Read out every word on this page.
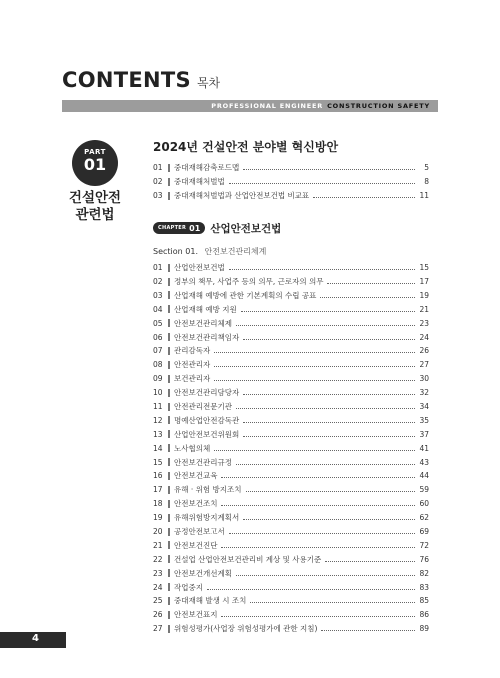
CONTENTS 목차
PROFESSIONAL ENGINEER CONSTRUCTION SAFETY
PART
01
건설안전
관련법
2024년 건설안전 분야별 혁신방안
01	중대재해감축로드맵	5
02	중대재해처벌법	8
03	중대재해처벌법과 산업안전보건법 비교표	11
CHAPTER 01 산업안전보건법
Section 01. 안전보건관리체계
01	산업안전보건법	15
02	정부의 책무, 사업주 등의 의무, 근로자의 의무	17
03	산업재해 예방에 관한 기본계획의 수립 공표	19
04	산업재해 예방 지원	21
05	안전보건관리체제	23
06	안전보건관리책임자	24
07	관리감독자	26
08	안전관리자	27
09	보건관리자	30
10	안전보건관리담당자	32
11	안전관리전문기관	34
12	명예산업안전감독관	35
13	산업안전보건위원회	37
14	노사협의체	41
15	안전보건관리규정	43
16	안전보건교육	44
17	유해 · 위험 방지조치	59
18	안전보건조치	60
19	유해위험방지계획서	62
20	공정안전보고서	69
21	안전보건진단	72
22	건설업 산업안전보건관리비 계상 및 사용기준	76
23	안전보건개선계획	82
24	작업중지	83
25	중대재해 발생 시 조치	85
26	안전보건표지	86
27	위험성평가(사업장 위험성평가에 관한 지침)	89
4
